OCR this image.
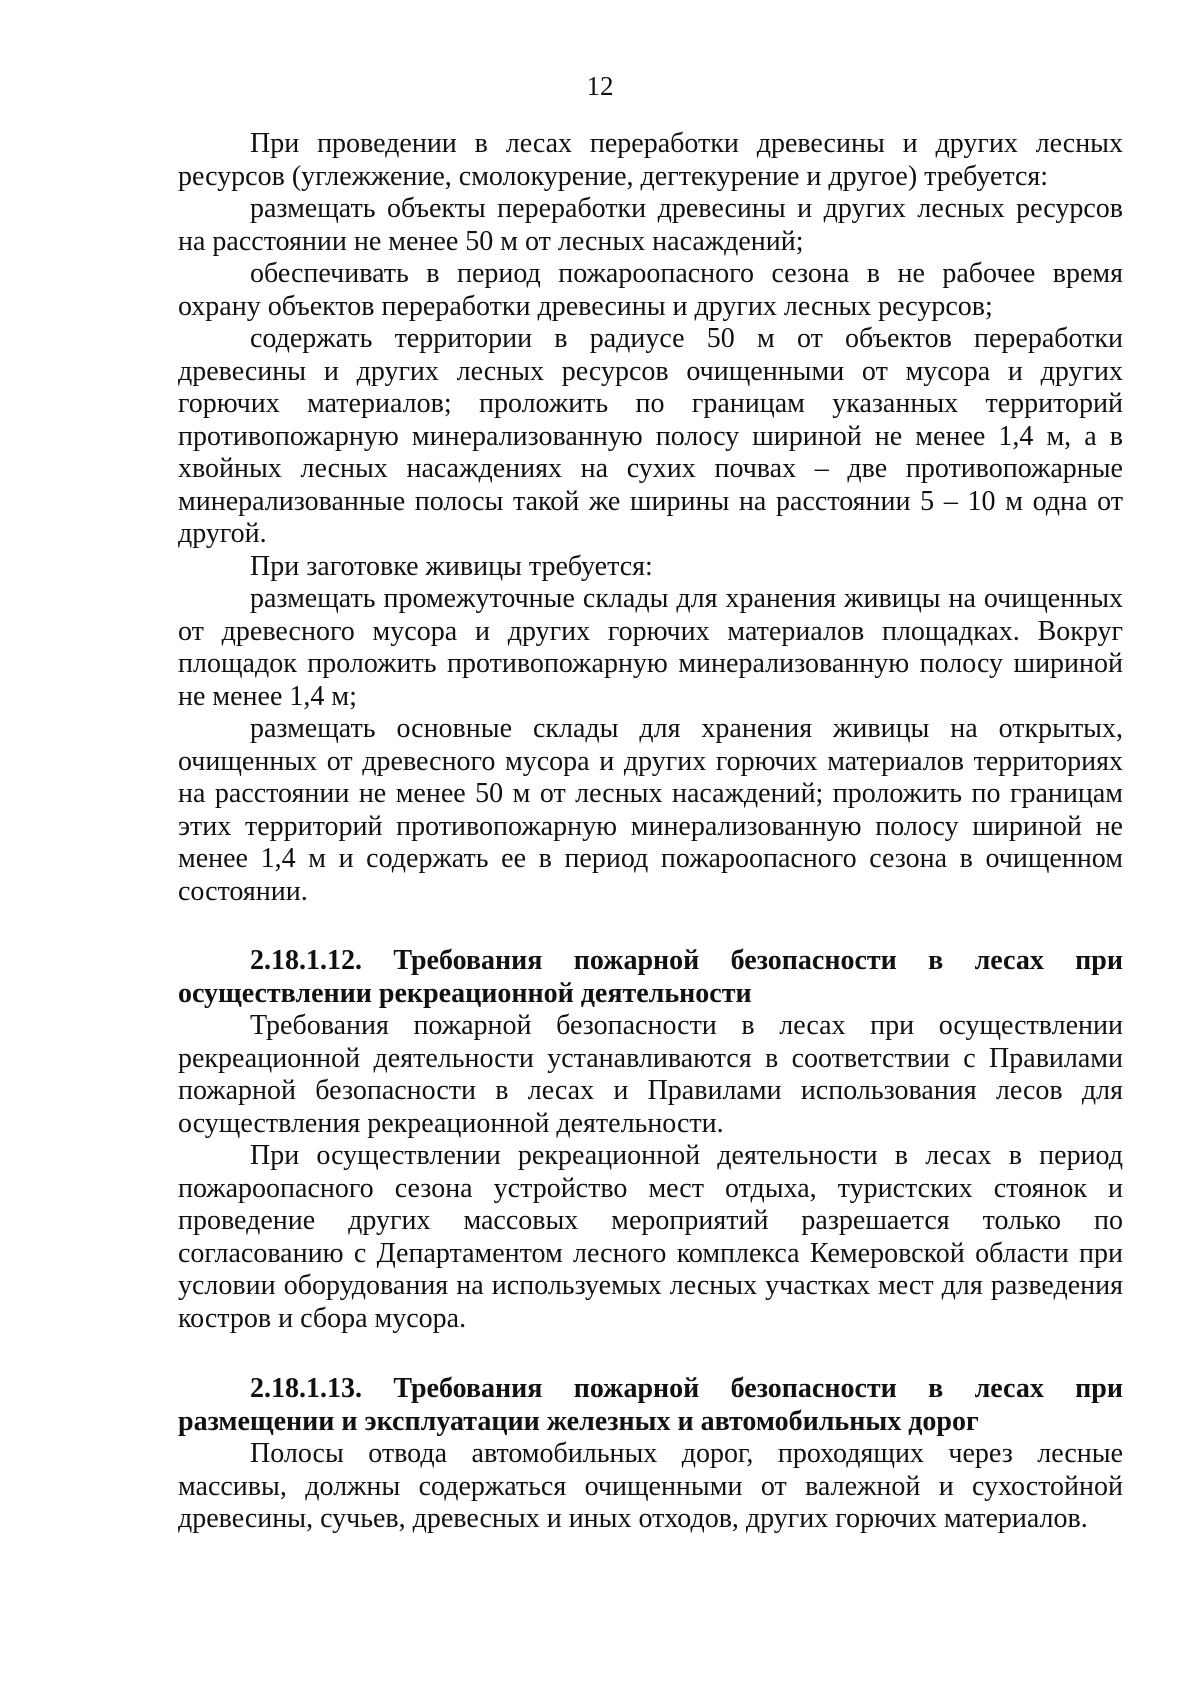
12

При проведении в лесах переработки древесины и других лесных ресурсов (углежжение, смолокурение, дегтекурение и другое) требуется:

размещать объекты переработки древесины и других лесных ресурсов на расстоянии не менее 50 м от лесных насаждений;

обеспечивать в период пожароопасного сезона в не рабочее время охрану объектов переработки древесины и других лесных ресурсов;

содержать территории в радиусе 50 м от объектов переработки древесины и других лесных ресурсов очищенными от мусора и других горючих материалов; проложить по границам указанных территорий противопожарную минерализованную полосу шириной не менее 1,4 м, а в хвойных лесных насаждениях на сухих почвах – две противопожарные минерализованные полосы такой же ширины на расстоянии 5 – 10 м одна от другой.

При заготовке живицы требуется:

размещать промежуточные склады для хранения живицы на очищенных от древесного мусора и других горючих материалов площадках. Вокруг площадок проложить противопожарную минерализованную полосу шириной не менее 1,4 м;

размещать основные склады для хранения живицы на открытых, очищенных от древесного мусора и других горючих материалов территориях на расстоянии не менее 50 м от лесных насаждений; проложить по границам этих территорий противопожарную минерализованную полосу шириной не менее 1,4 м и содержать ее в период пожароопасного сезона в очищенном состоянии.

2.18.1.12. Требования пожарной безопасности в лесах при осуществлении рекреационной деятельности

Требования пожарной безопасности в лесах при осуществлении рекреационной деятельности устанавливаются в соответствии с Правилами пожарной безопасности в лесах и Правилами использования лесов для осуществления рекреационной деятельности.

При осуществлении рекреационной деятельности в лесах в период пожароопасного сезона устройство мест отдыха, туристских стоянок и проведение других массовых мероприятий разрешается только по согласованию с Департаментом лесного комплекса Кемеровской области при условии оборудования на используемых лесных участках мест для разведения костров и сбора мусора.

2.18.1.13. Требования пожарной безопасности в лесах при размещении и эксплуатации железных и автомобильных дорог

Полосы отвода автомобильных дорог, проходящих через лесные массивы, должны содержаться очищенными от валежной и сухостойной древесины, сучьев, древесных и иных отходов, других горючих материалов.
